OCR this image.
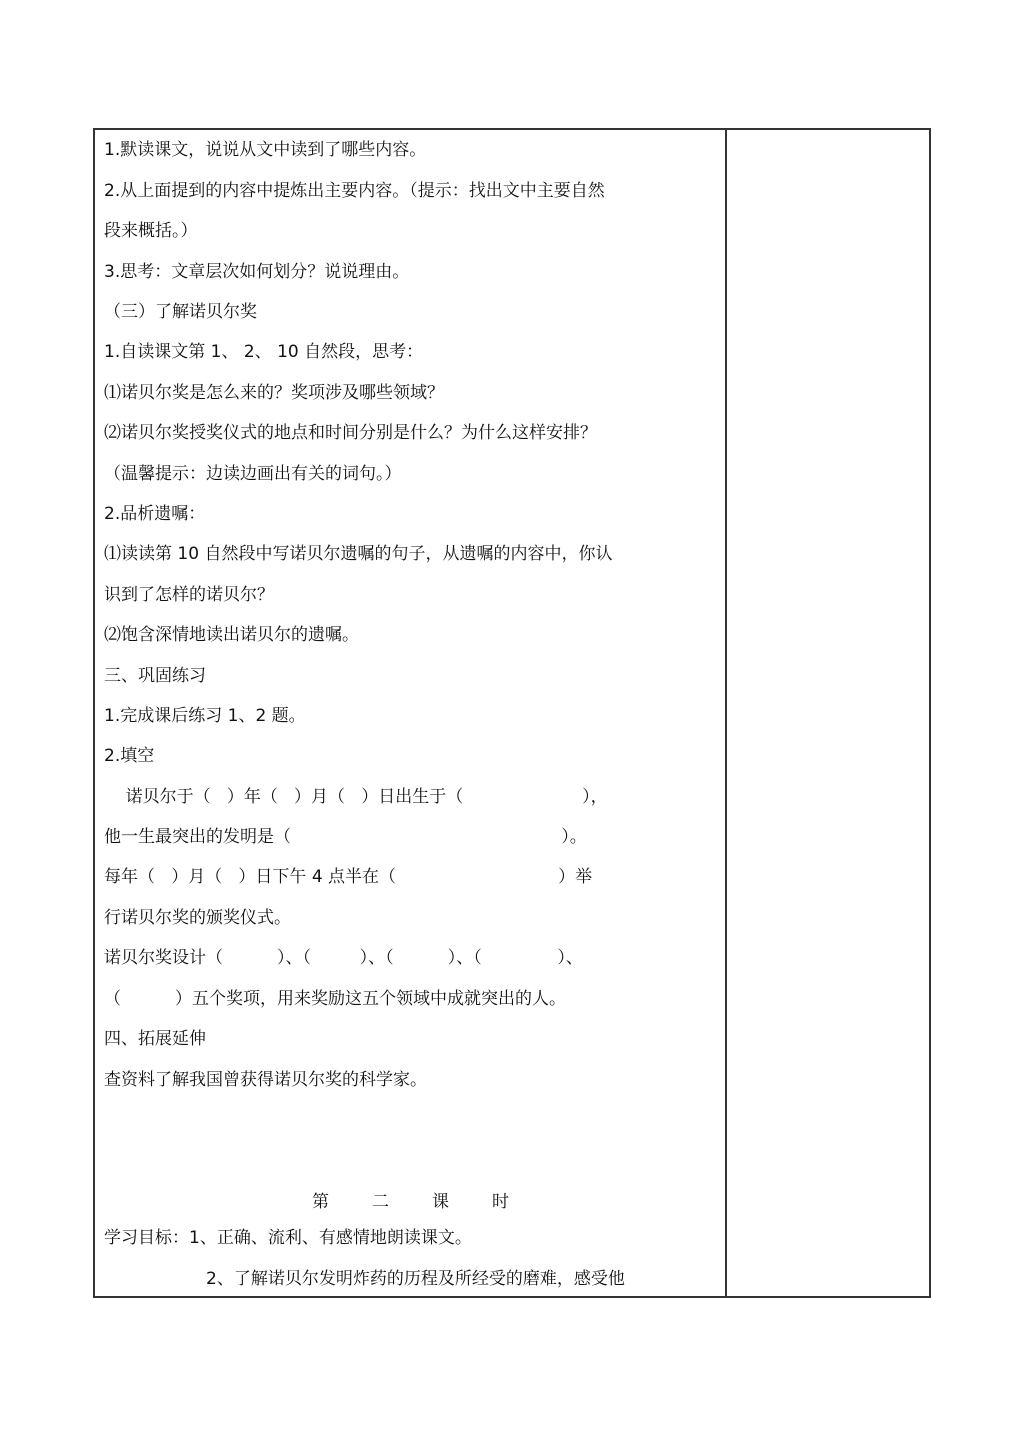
1.默读课文，说说从文中读到了哪些内容。
2.从上面提到的内容中提炼出主要内容。（提示：找出文中主要自然
段来概括。）
3.思考：文章层次如何划分？说说理由。
（三）了解诺贝尔奖
1.自读课文第 1、 2、 10 自然段，思考：
⑴诺贝尔奖是怎么来的？奖项涉及哪些领域？
⑵诺贝尔奖授奖仪式的地点和时间分别是什么？为什么这样安排？
（温馨提示：边读边画出有关的词句。）
2.品析遗嘱：
⑴读读第 10 自然段中写诺贝尔遗嘱的句子，从遗嘱的内容中，你认
识到了怎样的诺贝尔？
⑵饱含深情地读出诺贝尔的遗嘱。
三、巩固练习
1.完成课后练习 1、2 题。
2.填空
诺贝尔于（   ）年（   ）月（   ）日出生于（                      ），
他一生最突出的发明是（                                                  ）。
每年（   ）月（   ）日下午 4 点半在（                              ）举
行诺贝尔奖的颁奖仪式。
诺贝尔奖设计（          ）、（         ）、（          ）、（              ）、
（          ）五个奖项，用来奖励这五个领域中成就突出的人。
四、拓展延伸
查资料了解我国曾获得诺贝尔奖的科学家。
第	二	课	时
学习目标：1、正确、流利、有感情地朗读课文。
2、了解诺贝尔发明炸药的历程及所经受的磨难，感受他
